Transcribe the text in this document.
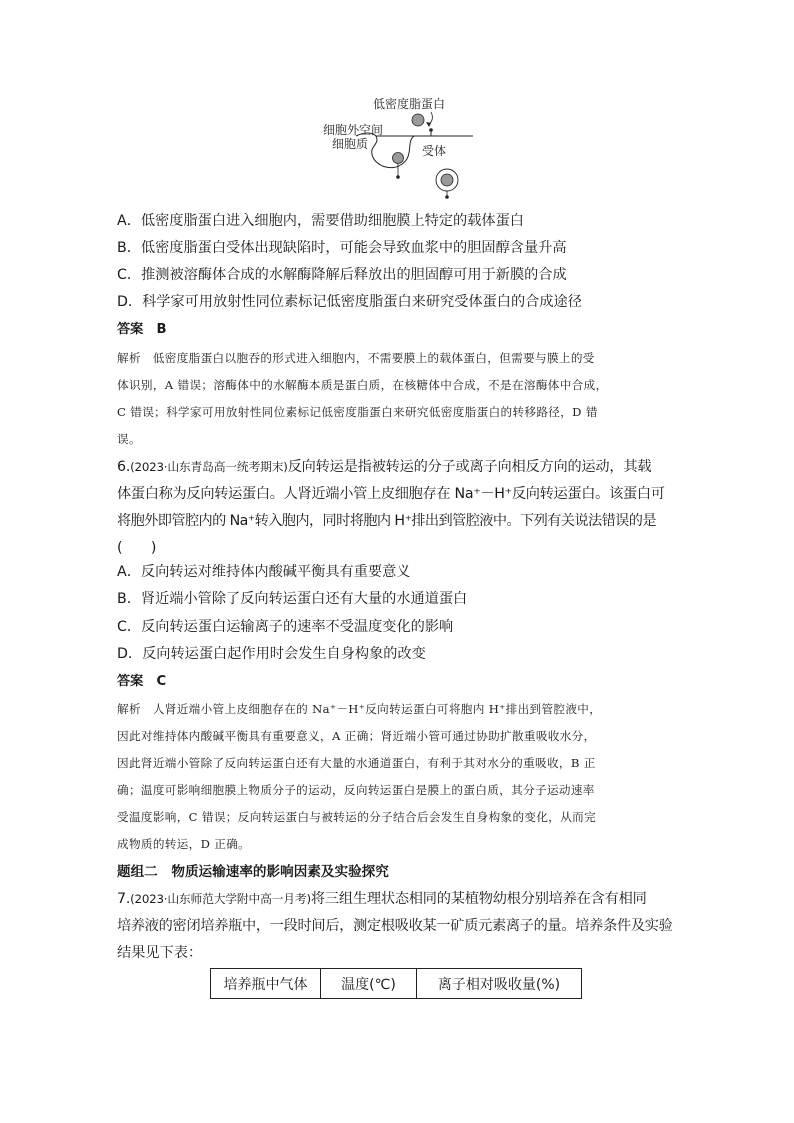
低密度脂蛋白
细胞外空间
细胞质	受体
A．低密度脂蛋白进入细胞内，需要借助细胞膜上特定的载体蛋白
B．低密度脂蛋白受体出现缺陷时，可能会导致血浆中的胆固醇含量升高
C．推测被溶酶体合成的水解酶降解后释放出的胆固醇可用于新膜的合成
D．科学家可用放射性同位素标记低密度脂蛋白来研究受体蛋白的合成途径
答案　B
解析　低密度脂蛋白以胞吞的形式进入细胞内，不需要膜上的载体蛋白，但需要与膜上的受
体识别，A 错误；溶酶体中的水解酶本质是蛋白质，在核糖体中合成，不是在溶酶体中合成，
C 错误；科学家可用放射性同位素标记低密度脂蛋白来研究低密度脂蛋白的转移路径，D 错
误。
6.(2023·山东青岛高一统考期末)反向转运是指被转运的分子或离子向相反方向的运动，其载
体蛋白称为反向转运蛋白。人肾近端小管上皮细胞存在 Na⁺－H⁺反向转运蛋白。该蛋白可
将胞外即管腔内的 Na⁺转入胞内，同时将胞内 H⁺排出到管腔液中。下列有关说法错误的是
(　　)
A．反向转运对维持体内酸碱平衡具有重要意义
B．肾近端小管除了反向转运蛋白还有大量的水通道蛋白
C．反向转运蛋白运输离子的速率不受温度变化的影响
D．反向转运蛋白起作用时会发生自身构象的改变
答案　C
解析　人肾近端小管上皮细胞存在的 Na⁺－H⁺反向转运蛋白可将胞内 H⁺排出到管腔液中，
因此对维持体内酸碱平衡具有重要意义，A 正确；肾近端小管可通过协助扩散重吸收水分，
因此肾近端小管除了反向转运蛋白还有大量的水通道蛋白，有利于其对水分的重吸收，B 正
确；温度可影响细胞膜上物质分子的运动，反向转运蛋白是膜上的蛋白质，其分子运动速率
受温度影响，C 错误；反向转运蛋白与被转运的分子结合后会发生自身构象的变化，从而完
成物质的转运，D 正确。
题组二　物质运输速率的影响因素及实验探究
7.(2023·山东师范大学附中高一月考)将三组生理状态相同的某植物幼根分别培养在含有相同
培养液的密闭培养瓶中，一段时间后，测定根吸收某一矿质元素离子的量。培养条件及实验
结果见下表：
培养瓶中气体	温度(℃)	离子相对吸收量(%)
